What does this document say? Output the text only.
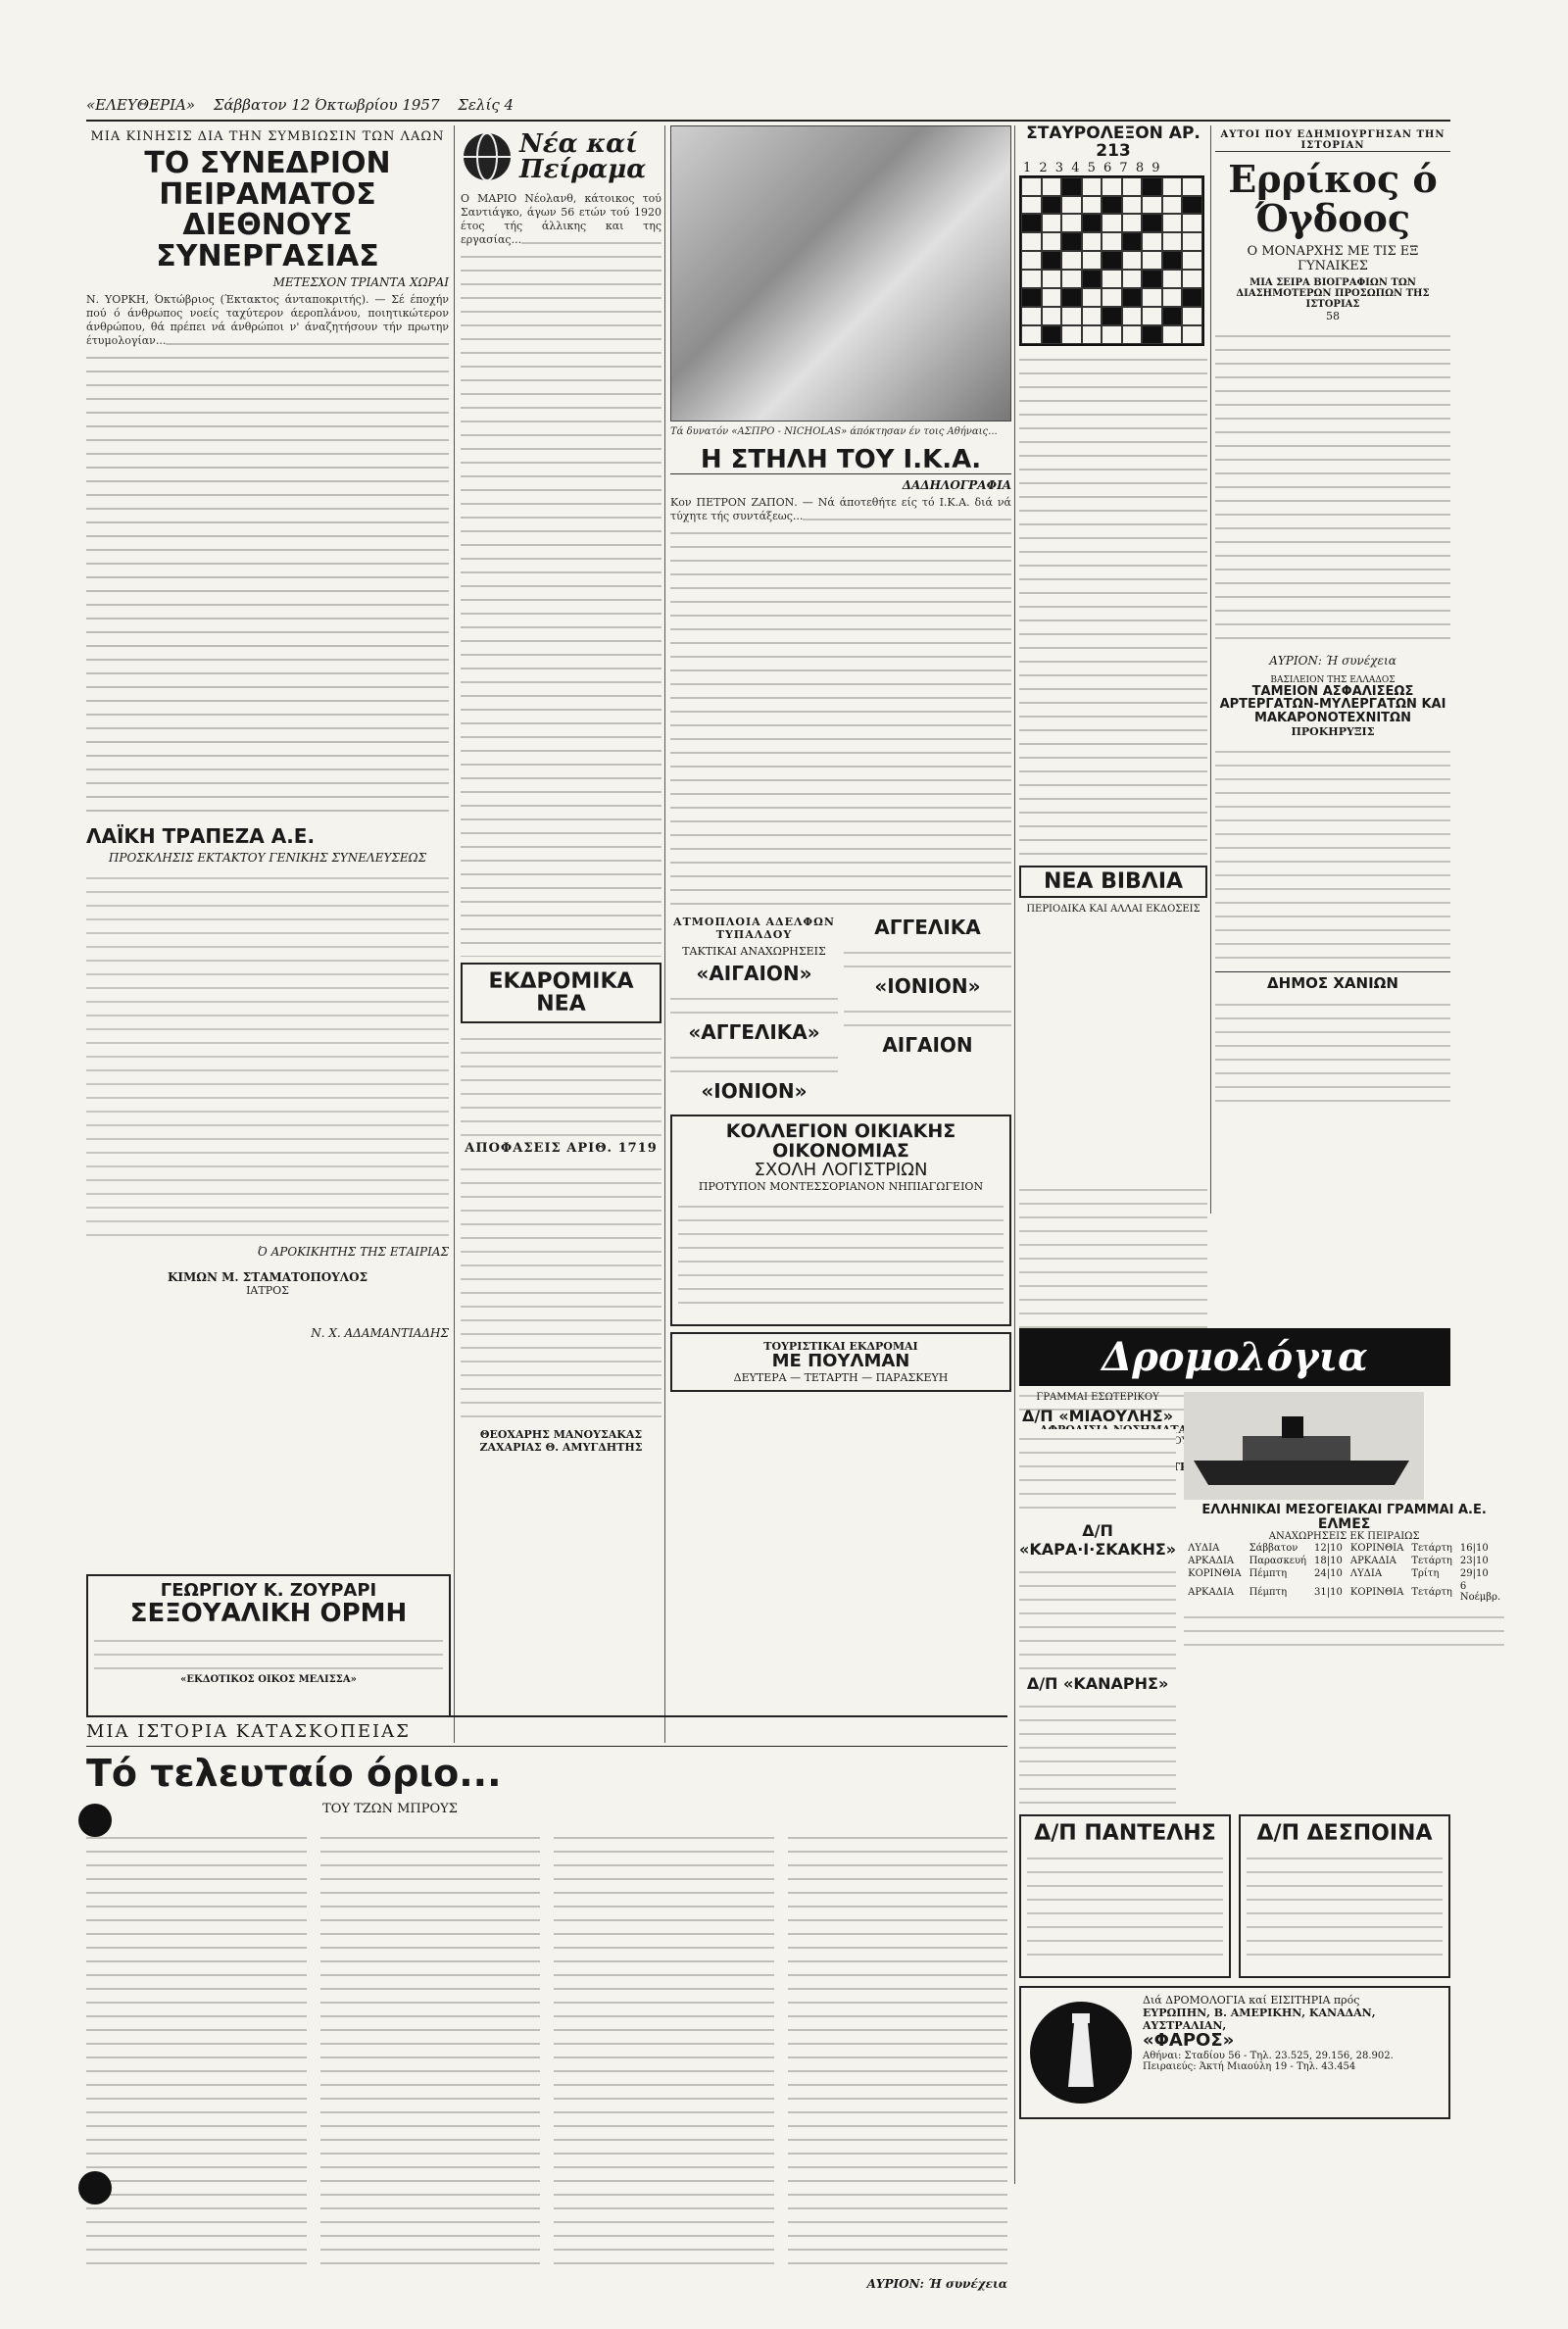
«ΕΛΕΥΘΕΡΙΑ» Σάββατον 12 Όκτωβρίου 1957 Σελίς 4
ΜΙΑ ΚΙΝΗΣΙΣ ΔΙΑ ΤΗΝ ΣΥΜΒΙΩΣΙΝ ΤΩΝ ΛΑΩΝ
ΤΟ ΣΥΝΕΔΡΙΟΝ ΠΕΙΡΑΜΑΤΟΣ ΔΙΕΘΝΟΥΣ ΣΥΝΕΡΓΑΣΙΑΣ
ΜΕΤΕΣΧΟΝ ΤΡΙΑΝΤΑ ΧΩΡΑΙ
Ν. ΥΟΡΚΗ, Όκτώβριος (Έκτακτος άνταποκριτής). — Σέ έποχήν πού ό άνθρωπος νοείς ταχύτερον άεροπλάνου, ποιητικώτερον άνθρώπου, θά πρέπει νά άνθρώποι ν' άναζητήσουν τήν πρωτην έτυμολογίαν...
ΛΑΪΚΗ ΤΡΑΠΕΖΑ Α.Ε.
ΠΡΟΣΚΛΗΣΙΣ ΕΚΤΑΚΤΟΥ ΓΕΝΙΚΗΣ ΣΥΝΕΛΕΥΣΕΩΣ
Ό ΑΡΟΚΙΚΗΤΗΣ ΤΗΣ ΕΤΑΙΡΙΑΣ
ΚΙΜΩΝ Μ. ΣΤΑΜΑΤΟΠΟΥΛΟΣ
ΙΑΤΡΟΣ
Ν. Χ. ΑΔΑΜΑΝΤΙΑΔΗΣ
Νέα καί
Πείραμα
Ο ΜΑΡΙΟ Νέολανθ, κάτοικος τού Σαντιάγκο, άγων 56 ετών τού 1920 έτος τής άλλικης και της εργασίας...
ΕΚΔΡΟΜΙΚΑ ΝΕΑ
ΑΠΟΦΑΣΕΙΣ ΑΡΙΘ. 1719
ΘΕΟΧΑΡΗΣ ΜΑΝΟΥΣΑΚΑΣ
ΖΑΧΑΡΙΑΣ Θ. ΑΜΥΓΔΗΤΗΣ
Τά δυνατόν «ΑΣΠΡΟ - NICHOLAS» άπόκτησαν έν τοις Αθήναις...
Η ΣΤΗΛΗ ΤΟΥ Ι.Κ.Α.
ΔΑΔΗΛΟΓΡΑΦΙΑ
Κον ΠΕΤΡΟΝ ΖΑΠΟΝ. — Νά άποτεθήτε είς τό Ι.Κ.Α. διά νά τύχητε τής συντάξεως...
ΑΤΜΟΠΛΟΙΑ ΑΔΕΛΦΩΝ ΤΥΠΑΛΔΟΥ
ΤΑΚΤΙΚΑΙ ΑΝΑΧΩΡΗΣΕΙΣ
«ΑΙΓΑΙΟΝ»
«ΑΓΓΕΛΙΚΑ»
«ΙΟΝΙΟΝ»
ΑΓΓΕΛΙΚΑ
«ΙΟΝΙΟΝ»
ΑΙΓΑΙΟΝ
ΚΟΛΛΕΓΙΟΝ ΟΙΚΙΑΚΗΣ ΟΙΚΟΝΟΜΙΑΣ
ΣΧΟΛΗ ΛΟΓΙΣΤΡΙΩΝ
ΠΡΟΤΥΠΟΝ ΜΟΝΤΕΣΣΟΡΙΑΝΟΝ ΝΗΠΙΑΓΩΓΕΙΟΝ
ΤΟΥΡΙΣΤΙΚΑΙ ΕΚΔΡΟΜΑΙ
ΜΕ ΠΟΥΛΜΑΝ
ΔΕΥΤΕΡΑ — ΤΕΤΑΡΤΗ — ΠΑΡΑΣΚΕΥΗ
ΣΤΑΥΡΟΛΕΞΟΝ ΑΡ. 213
1 2 3 4 5 6 7 8 9
ΝΕΑ ΒΙΒΛΙΑ
ΠΕΡΙΟΔΙΚΑ ΚΑΙ ΑΛΛΑΙ ΕΚΔΟΣΕΙΣ
ΑΥΤΟΙ ΠΟΥ ΕΔΗΜΙΟΥΡΓΗΣΑΝ ΤΗΝ ΙΣΤΟΡΙΑΝ
Ερρίκος ό Όγδοος
Ο ΜΟΝΑΡΧΗΣ ΜΕ ΤΙΣ ΕΞ ΓΥΝΑΙΚΕΣ
ΜΙΑ ΣΕΙΡΑ ΒΙΟΓΡΑΦΙΩΝ ΤΩΝ ΔΙΑΣΗΜΟΤΕΡΩΝ ΠΡΟΣΩΠΩΝ ΤΗΣ ΙΣΤΟΡΙΑΣ
58
ΑΥΡΙΟΝ: Ή συνέχεια
ΒΑΣΙΛΕΙΟΝ ΤΗΣ ΕΛΛΑΔΟΣ
ΤΑΜΕΙΟΝ ΑΣΦΑΛΙΣΕΩΣ ΑΡΤΕΡΓΑΤΩΝ-ΜΥΛΕΡΓΑΤΩΝ ΚΑΙ ΜΑΚΑΡΟΝΟΤΕΧΝΙΤΩΝ
ΠΡΟΚΗΡΥΞΙΣ
ΔΗΜΟΣ ΧΑΝΙΩΝ
ΓΕΩΡΓΙΟΥ Κ. ΖΟΥΡΑΡΙ
ΣΕΞΟΥΑΛΙΚΗ ΟΡΜΗ
«ΕΚΔΟΤΙΚΟΣ ΟΙΚΟΣ ΜΕΛΙΣΣΑ»
ΜΙΑ ΙΣΤΟΡΙΑ ΚΑΤΑΣΚΟΠΕΙΑΣ
Τό τελευταίο όριο...
ΤΟΥ ΤΖΩΝ ΜΠΡΟΥΣ
ΑΥΡΙΟΝ: Ή συνέχεια
Δρομολόγια
ΓΡΑΜΜΑΙ ΕΣΩΤΕΡΙΚΟΥ
Δ/Π «ΜΙΑΟΥΛΗΣ»
Δ/Π «ΚΑΡΑ·Ι·ΣΚΑΚΗΣ»
Δ/Π «ΚΑΝΑΡΗΣ»
ΕΛΛΗΝΙΚΑΙ ΜΕΣΟΓΕΙΑΚΑΙ ΓΡΑΜΜΑΙ Α.Ε.
ΕΛΜΕΣ
ΑΝΑΧΩΡΗΣΕΙΣ ΕΚ ΠΕΙΡΑΙΩΣ
ΛΥΔΙΑ	Σάββατον	12|10	ΚΟΡΙΝΘΙΑ	Τετάρτη	16|10
ΑΡΚΑΔΙΑ	Παρασκευή	18|10	ΑΡΚΑΔΙΑ	Τετάρτη	23|10
ΚΟΡΙΝΘΙΑ	Πέμπτη	24|10	ΛΥΔΙΑ	Τρίτη	29|10
ΑΡΚΑΔΙΑ	Πέμπτη	31|10	ΚΟΡΙΝΘΙΑ	Τετάρτη	6 Νοέμβρ.
Δ/Π ΠΑΝΤΕΛΗΣ	Δ/Π ΔΕΣΠΟΙΝΑ
Διά ΔΡΟΜΟΛΟΓΙΑ καί ΕΙΣΙΤΗΡΙΑ πρός
ΕΥΡΩΠΗΝ, Β. ΑΜΕΡΙΚΗΝ, ΚΑΝΑΔΑΝ, ΑΥΣΤΡΑΛΙΑΝ,
«ΦΑΡΟΣ»
Αθήναι: Σταδίου 56 - Τηλ. 23.525, 29.156, 28.902.
Πειραιεύς: Άκτή Μιαούλη 19 - Τηλ. 43.454
